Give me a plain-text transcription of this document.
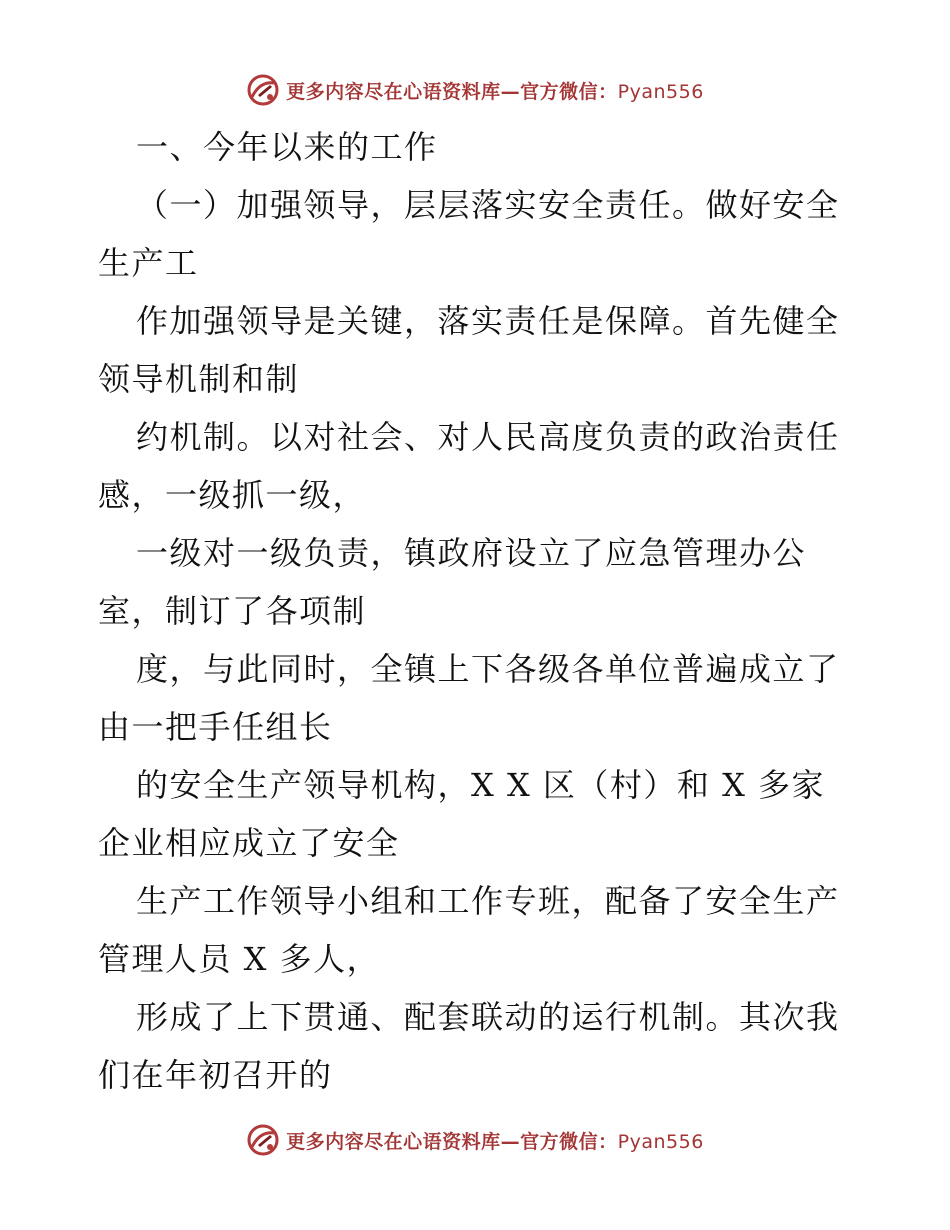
更多内容尽在心语资料库—官方微信：Pyan556
一、今年以来的工作
（一）加强领导，层层落实安全责任。做好安全
生产工
作加强领导是关键，落实责任是保障。首先健全
领导机制和制
约机制。以对社会、对人民高度负责的政治责任
感，一级抓一级，
一级对一级负责，镇政府设立了应急管理办公
室，制订了各项制
度，与此同时，全镇上下各级各单位普遍成立了
由一把手任组长
的安全生产领导机构，X X 区（村）和 X 多家
企业相应成立了安全
生产工作领导小组和工作专班，配备了安全生产
管理人员 X 多人，
形成了上下贯通、配套联动的运行机制。其次我
们在年初召开的
更多内容尽在心语资料库—官方微信：Pyan556
